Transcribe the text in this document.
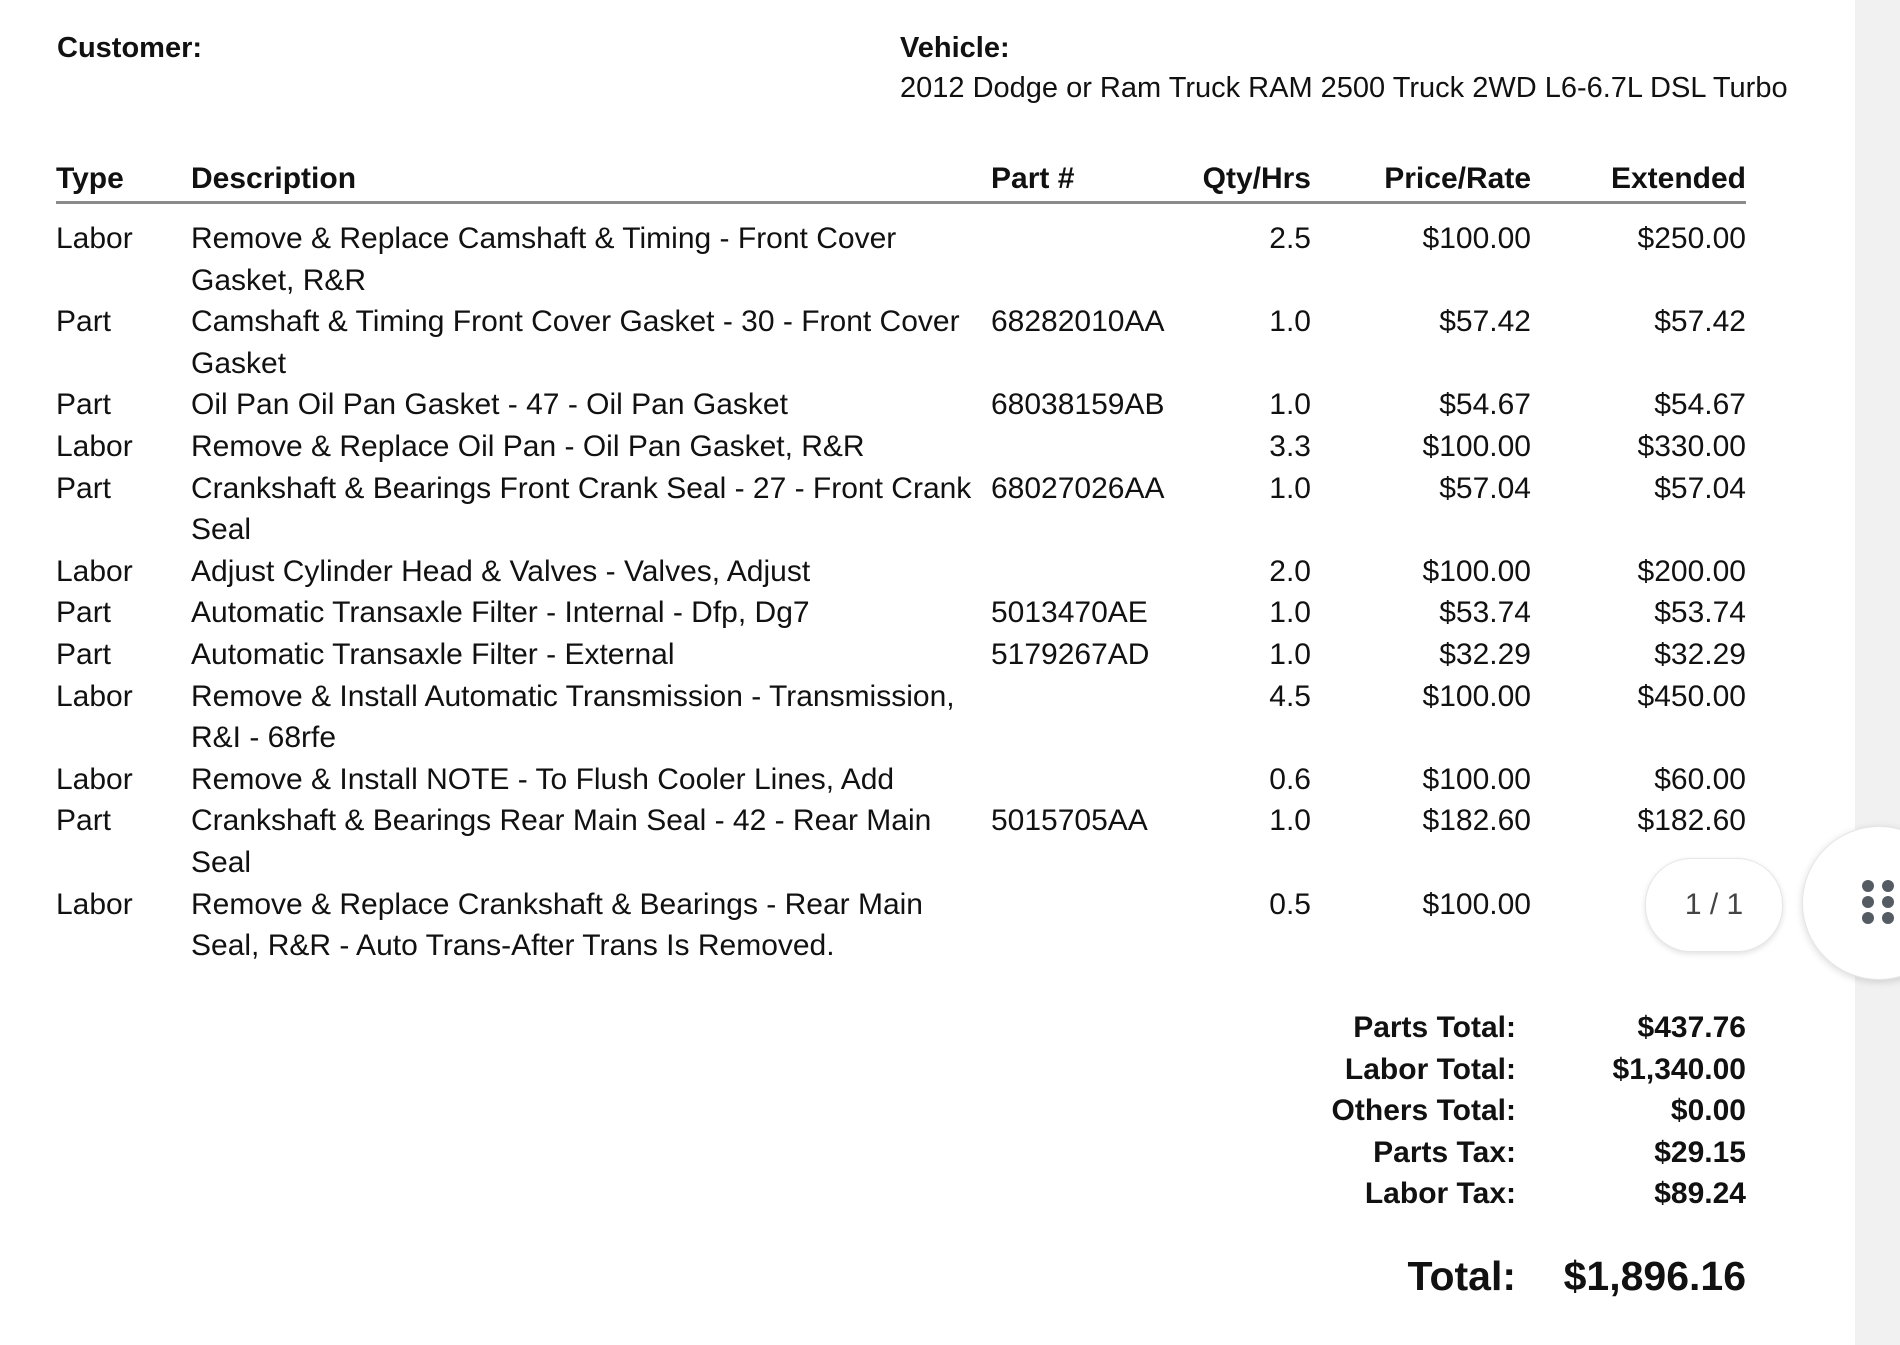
Customer:	Vehicle:
2012 Dodge or Ram Truck RAM 2500 Truck 2WD L6-6.7L DSL Turbo
Type	Description	Part #	Qty/Hrs	Price/Rate	Extended
Labor	Remove & Replace Camshaft & Timing - Front Cover Gasket, R&R		2.5	$100.00	$250.00
Part	Camshaft & Timing Front Cover Gasket - 30 - Front Cover Gasket	68282010AA	1.0	$57.42	$57.42
Part	Oil Pan Oil Pan Gasket - 47 - Oil Pan Gasket	68038159AB	1.0	$54.67	$54.67
Labor	Remove & Replace Oil Pan - Oil Pan Gasket, R&R		3.3	$100.00	$330.00
Part	Crankshaft & Bearings Front Crank Seal - 27 - Front Crank Seal	68027026AA	1.0	$57.04	$57.04
Labor	Adjust Cylinder Head & Valves - Valves, Adjust		2.0	$100.00	$200.00
Part	Automatic Transaxle Filter - Internal - Dfp, Dg7	5013470AE	1.0	$53.74	$53.74
Part	Automatic Transaxle Filter - External	5179267AD	1.0	$32.29	$32.29
Labor	Remove & Install Automatic Transmission - Transmission, R&I - 68rfe		4.5	$100.00	$450.00
Labor	Remove & Install NOTE - To Flush Cooler Lines, Add		0.6	$100.00	$60.00
Part	Crankshaft & Bearings Rear Main Seal - 42 - Rear Main Seal	5015705AA	1.0	$182.60	$182.60
Labor	Remove & Replace Crankshaft & Bearings - Rear Main Seal, R&R - Auto Trans-After Trans Is Removed.		0.5	$100.00	
Parts Total:	$437.76
Labor Total:	$1,340.00
Others Total:	$0.00
Parts Tax:	$29.15
Labor Tax:	$89.24
Total: $1,896.16
1 / 1
